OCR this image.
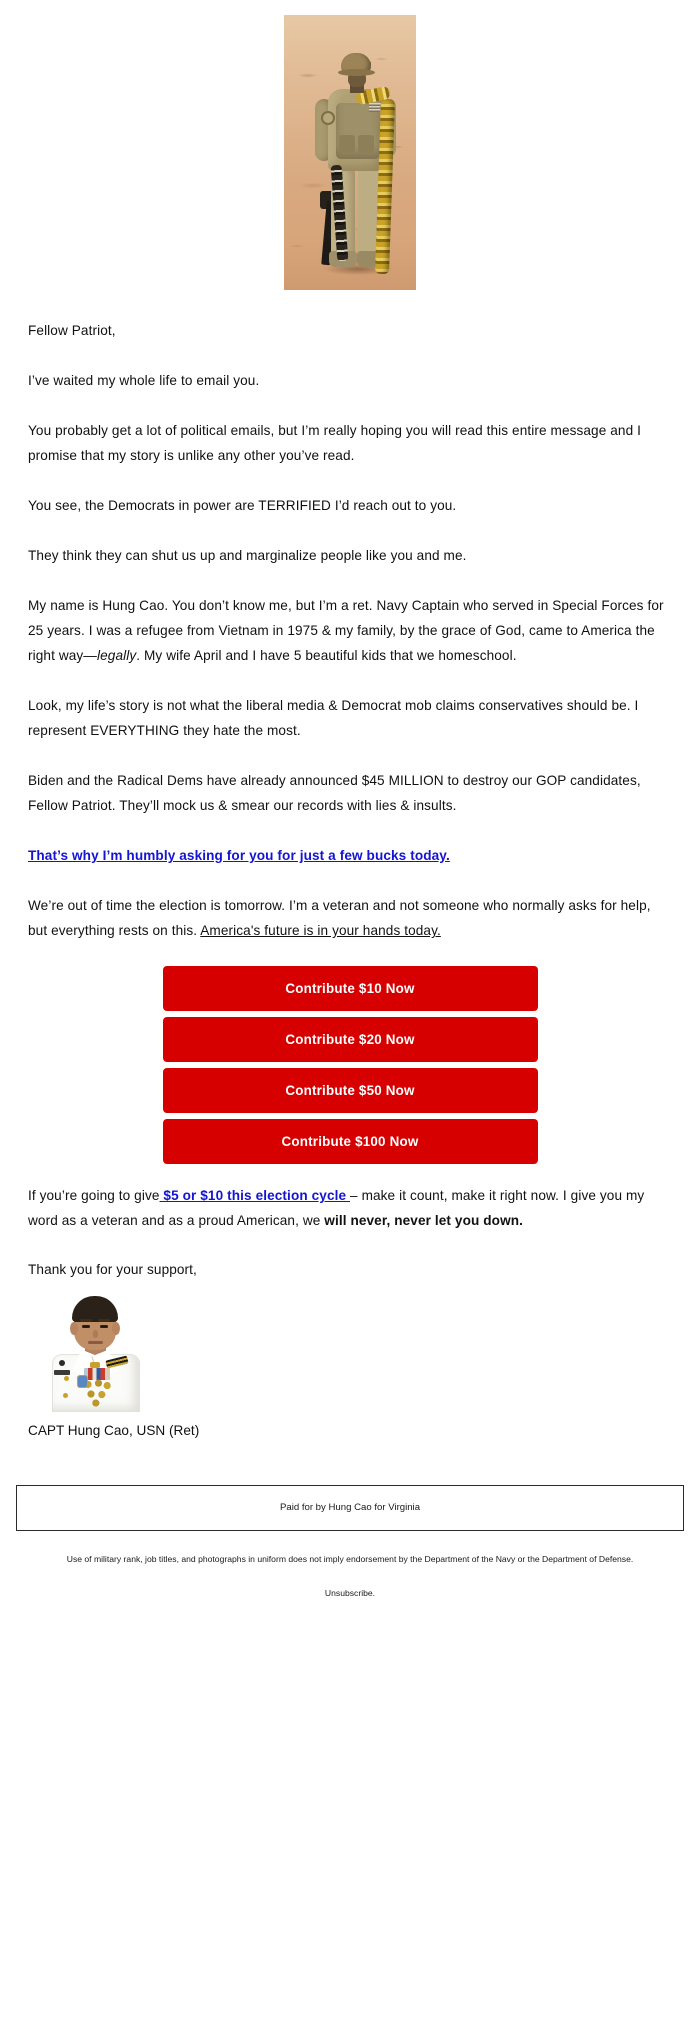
Fellow Patriot,

I’ve waited my whole life to email you.

You probably get a lot of political emails, but I’m really hoping you will read this entire message and I promise that my story is unlike any other you’ve read.

You see, the Democrats in power are TERRIFIED I’d reach out to you.

They think they can shut us up and marginalize people like you and me.

My name is Hung Cao. You don’t know me, but I’m a ret. Navy Captain who served in Special Forces for 25 years. I was a refugee from Vietnam in 1975 & my family, by the grace of God, came to America the right way—legally. My wife April and I have 5 beautiful kids that we homeschool.

Look, my life’s story is not what the liberal media & Democrat mob claims conservatives should be. I represent EVERYTHING they hate the most.

Biden and the Radical Dems have already announced $45 MILLION to destroy our GOP candidates, Fellow Patriot. They’ll mock us & smear our records with lies & insults.

That’s why I’m humbly asking for you for just a few bucks today.

We’re out of time the election is tomorrow. I’m a veteran and not someone who normally asks for help, but everything rests on this. America's future is in your hands today.

Contribute $10 Now
Contribute $20 Now
Contribute $50 Now
Contribute $100 Now

If you’re going to give $5 or $10 this election cycle – make it count, make it right now. I give you my word as a veteran and as a proud American, we will never, never let you down.

Thank you for your support,

CAPT Hung Cao, USN (Ret)
Paid for by Hung Cao for Virginia
Use of military rank, job titles, and photographs in uniform does not imply endorsement by the Department of the Navy or the Department of Defense.
Unsubscribe.
